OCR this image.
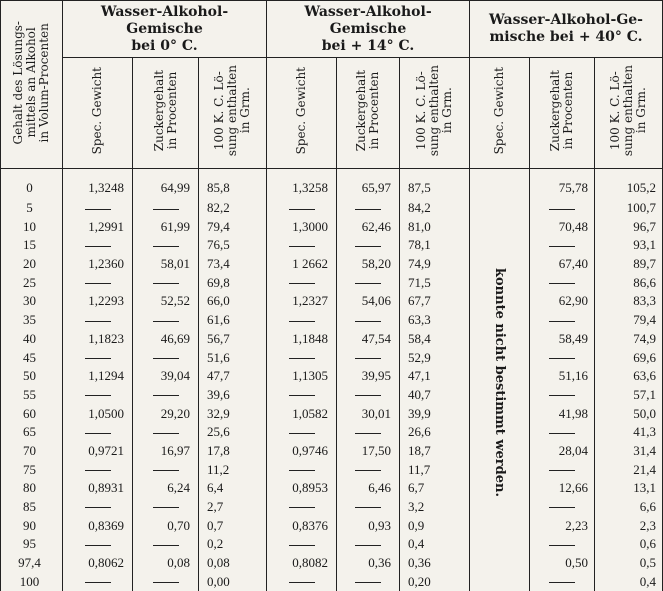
Gehalt des Lösungs-
mittels an Alkohol
in Volum-Procenten	Wasser-Alkohol-Gemische
bei 0° C.			Wasser-Alkohol-Gemische
bei + 14° C.			Wasser-Alkohol-Ge-
mische bei + 40° C.		
	Spec. Gewicht	Zuckergehalt
in Procenten	100 K. C. Lö-
sung enthalten
in Grm.	Spec. Gewicht	Zuckergehalt
in Procenten	100 K. C. Lö-
sung enthalten
in Grm.	Spec. Gewicht	Zuckergehalt
in Procenten	100 K. C. Lö-
sung enthalten
in Grm.
0	1,3248	64,99	85,8	1,3258	65,97	87,5	konnte nicht bestimmt werden.	75,78	105,2
5			82,2			84,2			100,7
10	1,2991	61,99	79,4	1,3000	62,46	81,0		70,48	96,7
15			76,5			78,1			93,1
20	1,2360	58,01	73,4	1 2662	58,20	74,9		67,40	89,7
25			69,8			71,5			86,6
30	1,2293	52,52	66,0	1,2327	54,06	67,7		62,90	83,3
35			61,6			63,3			79,4
40	1,1823	46,69	56,7	1,1848	47,54	58,4		58,49	74,9
45			51,6			52,9			69,6
50	1,1294	39,04	47,7	1,1305	39,95	47,1		51,16	63,6
55			39,6			40,7			57,1
60	1,0500	29,20	32,9	1,0582	30,01	39,9		41,98	50,0
65			25,6			26,6			41,3
70	0,9721	16,97	17,8	0,9746	17,50	18,7		28,04	31,4
75			11,2			11,7			21,4
80	0,8931	6,24	6,4	0,8953	6,46	6,7		12,66	13,1
85			2,7			3,2			6,6
90	0,8369	0,70	0,7	0,8376	0,93	0,9		2,23	2,3
95			0,2			0,4			0,6
97,4	0,8062	0,08	0,08	0,8082	0,36	0,36		0,50	0,5
100			0,00			0,20			0,4
